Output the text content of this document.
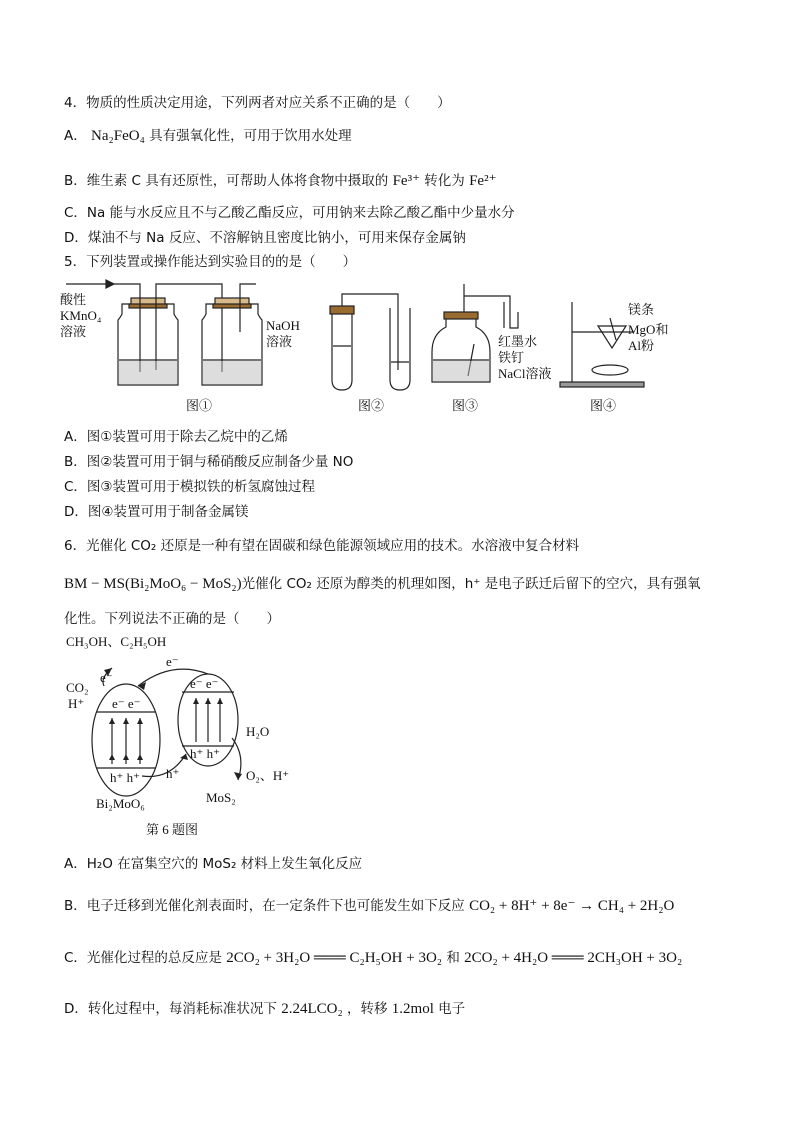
4．物质的性质决定用途，下列两者对应关系不正确的是（　　）
A． Na₂FeO₄ 具有强氧化性，可用于饮用水处理
B．维生素 C 具有还原性，可帮助人体将食物中摄取的 Fe³⁺ 转化为 Fe²⁺
C．Na 能与水反应且不与乙酸乙酯反应，可用钠来去除乙酸乙酯中少量水分
D．煤油不与 Na 反应、不溶解钠且密度比钠小，可用来保存金属钠
5．下列装置或操作能达到实验目的的是（　　）
酸性
KMnO₄
溶液	NaOH
溶液	红墨水
铁钉
NaCl溶液
镁条
MgO和
Al粉
图①	图②	图③	图④
A．图①装置可用于除去乙烷中的乙烯
B．图②装置可用于铜与稀硝酸反应制备少量 NO
C．图③装置可用于模拟铁的析氢腐蚀过程
D．图④装置可用于制备金属镁
6．光催化 CO₂ 还原是一种有望在固碳和绿色能源领域应用的技术。水溶液中复合材料
BM − MS(Bi₂MoO₆ − MoS₂)光催化 CO₂ 还原为醇类的机理如图，h⁺ 是电子跃迁后留下的空穴，具有强氧
化性。下列说法不正确的是（　　）
CH₃OH、C₂H₅OH
e⁻
e⁻
CO₂
H⁺ e⁻ e⁻
e⁻ e⁻
h⁺ h⁺
h⁺ h⁺ h⁺
H₂O
O₂、H⁺
Bi₂MoO₆	MoS₂
第 6 题图
A．H₂O 在富集空穴的 MoS₂ 材料上发生氧化反应
B．电子迁移到光催化剂表面时，在一定条件下也可能发生如下反应 CO₂ + 8H⁺ + 8e⁻ → CH₄ + 2H₂O
C．光催化过程的总反应是 2CO₂ + 3H₂O ═══ C₂H₅OH + 3O₂ 和 2CO₂ + 4H₂O ═══ 2CH₃OH + 3O₂
D．转化过程中，每消耗标准状况下 2.24LCO₂ ，转移 1.2mol 电子
